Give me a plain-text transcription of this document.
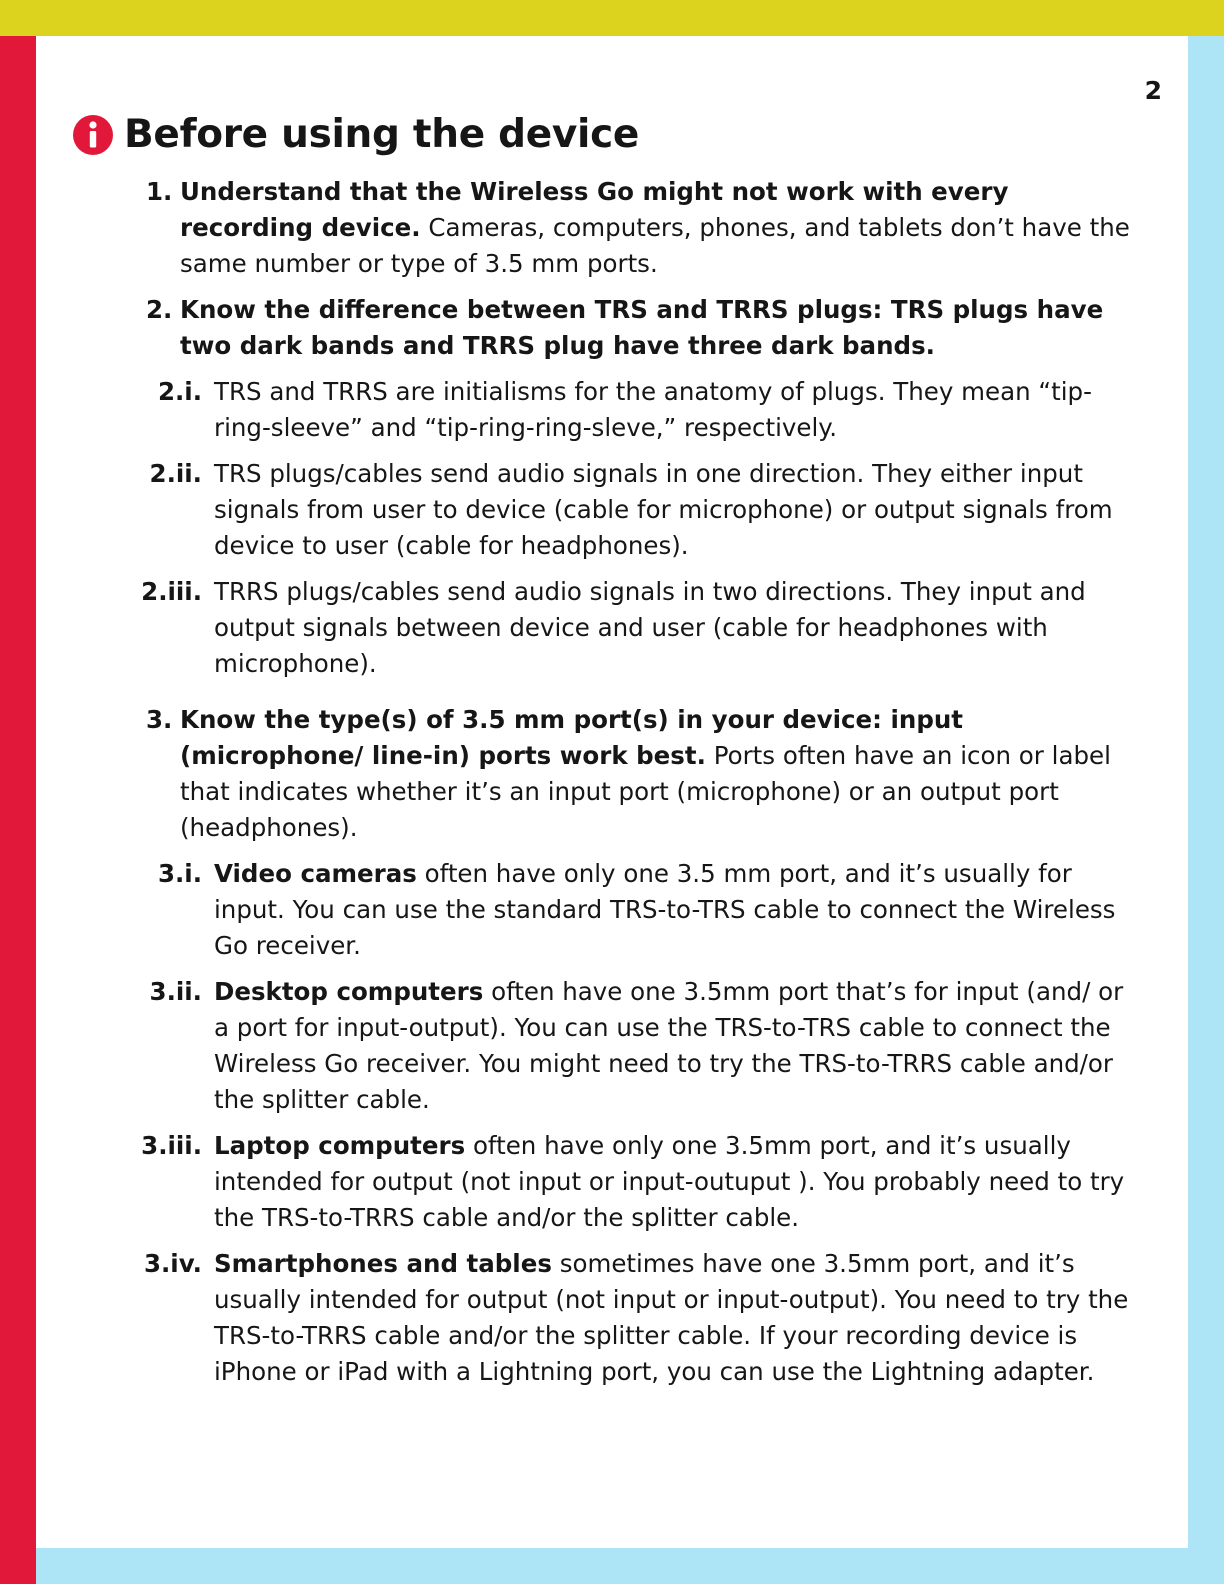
2
Before using the device
1. Understand that the Wireless Go might not work with every recording device. Cameras, computers, phones, and tablets don’t have the same number or type of 3.5 mm ports.
2. Know the difference between TRS and TRRS plugs: TRS plugs have two dark bands and TRRS plug have three dark bands.
2.i. TRS and TRRS are initialisms for the anatomy of plugs. They mean “tip-ring-sleeve” and “tip-ring-ring-sleve,” respectively.
2.ii. TRS plugs/cables send audio signals in one direction. They either input signals from user to device (cable for microphone) or output signals from device to user (cable for headphones).
2.iii. TRRS plugs/cables send audio signals in two directions. They input and output signals between device and user (cable for headphones with microphone).
3. Know the type(s) of 3.5 mm port(s) in your device: input (microphone/ line-in) ports work best. Ports often have an icon or label that indicates whether it’s an input port (microphone) or an output port (headphones).
3.i. Video cameras often have only one 3.5 mm port, and it’s usually for input. You can use the standard TRS-to-TRS cable to connect the Wireless Go receiver.
3.ii. Desktop computers often have one 3.5mm port that’s for input (and/ or a port for input-output). You can use the TRS-to-TRS cable to connect the Wireless Go receiver. You might need to try the TRS-to-TRRS cable and/or the splitter cable.
3.iii. Laptop computers often have only one 3.5mm port, and it’s usually intended for output (not input or input-outuput ). You probably need to try the TRS-to-TRRS cable and/or the splitter cable.
3.iv. Smartphones and tables sometimes have one 3.5mm port, and it’s usually intended for output (not input or input-output). You need to try the TRS-to-TRRS cable and/or the splitter cable. If your recording device is iPhone or iPad with a Lightning port, you can use the Lightning adapter.
